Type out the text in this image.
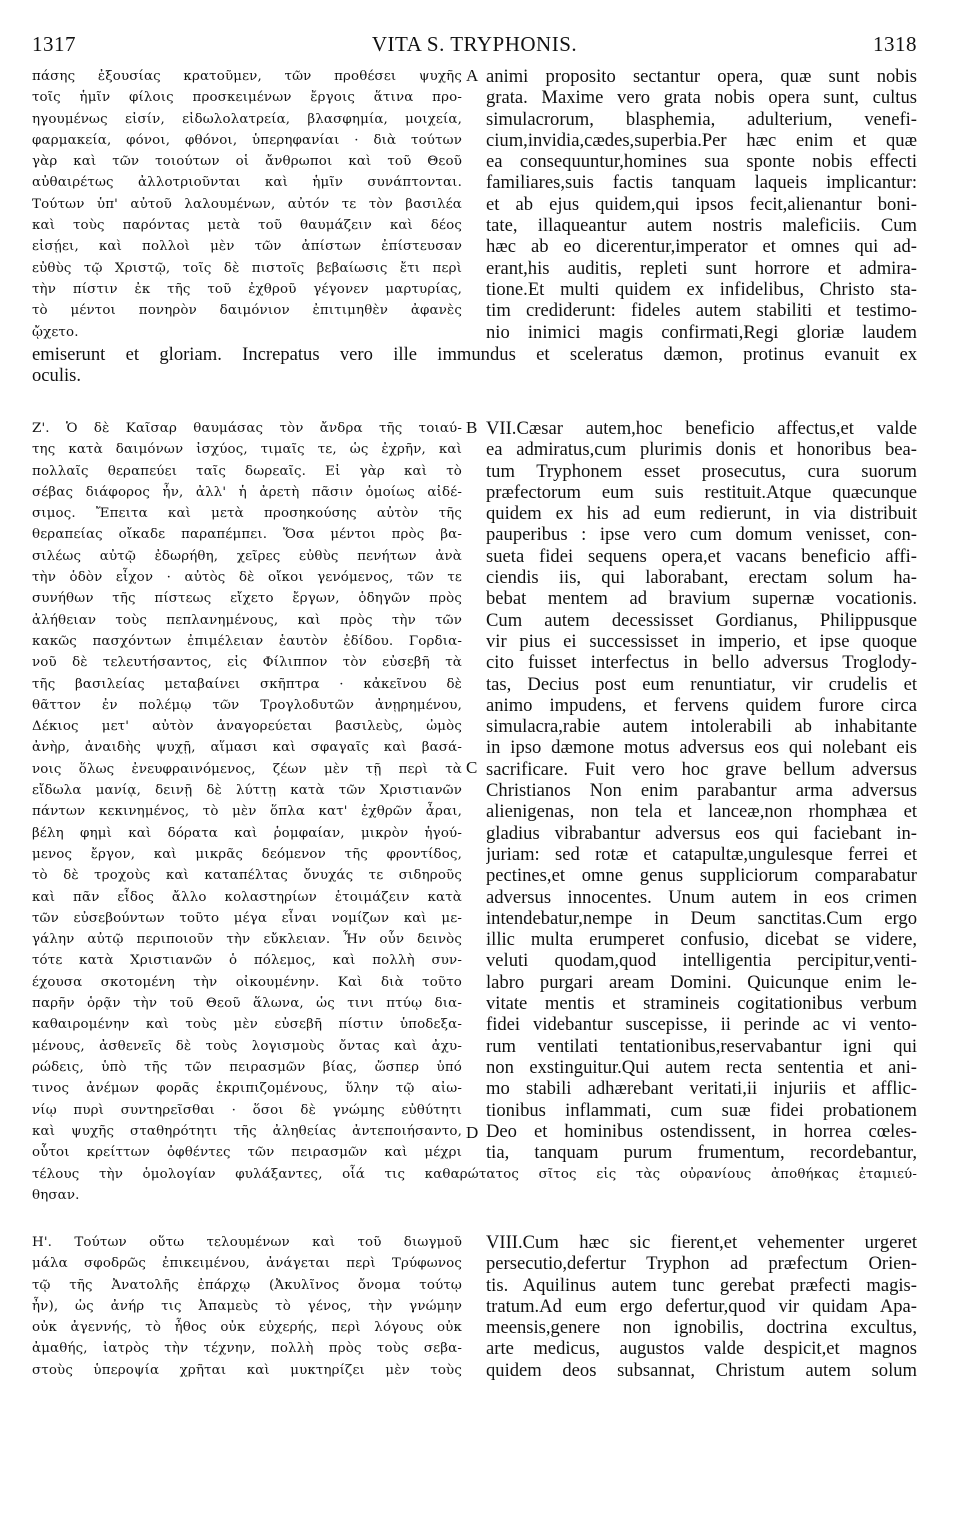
1317	VITA S. TRYPHONIS.	1318
πάσης ἐξουσίας κρατοῦμεν, τῶν προθέσει ψυχῆς
τοῖς ἡμῖν φίλοις προσκειμένων ἔργοις ἅτινα προ-
ηγουμένως εἰσίν, εἰδωλολατρεία, βλασφημία, μοιχεία,
φαρμακεία, φόνοι, φθόνοι, ὑπερηφανίαι · διὰ τούτων
γὰρ καὶ τῶν τοιούτων οἱ ἄνθρωποι καὶ τοῦ Θεοῦ
αὐθαιρέτως ἀλλοτριοῦνται καὶ ἡμῖν συνάπτονται.
Τούτων ὑπ' αὐτοῦ λαλουμένων, αὐτόν τε τὸν βασιλέα
καὶ τοὺς παρόντας μετὰ τοῦ θαυμάζειν καὶ δέος
εἰσῄει, καὶ πολλοὶ μὲν τῶν ἀπίστων ἐπίστευσαν
εὐθὺς τῷ Χριστῷ, τοῖς δὲ πιστοῖς βεβαίωσις ἔτι περὶ
τὴν πίστιν ἐκ τῆς τοῦ ἐχθροῦ γέγονεν μαρτυρίας,
τὸ μέντοι πονηρὸν δαιμόνιον ἐπιτιμηθὲν ἀφανὲς
ᾤχετο.
A animi proposito sectantur opera, quæ sunt nobis
grata. Maxime vero grata nobis opera sunt, cultus
simulacrorum, blasphemia, adulterium, venefi-
cium,invidia,cædes,superbia.Per hæc enim et quæ
ea consequuntur,homines sua sponte nobis effecti
familiares,suis factis tanquam laqueis implicantur:
et ab ejus quidem,qui ipsos fecit,alienantur boni-
tate, illaqueantur autem nostris maleficiis. Cum
hæc ab eo dicerentur,imperator et omnes qui ad-
erant,his auditis, repleti sunt horrore et admira-
tione.Et multi quidem ex infidelibus, Christo sta-
tim crediderunt: fideles autem stabiliti et testimo-
nio inimici magis confirmati,Regi gloriæ laudem
emiserunt et gloriam. Increpatus vero ille immundus et sceleratus dæmon, protinus evanuit ex
oculis.
Ζ'. Ὁ δὲ Καῖσαρ θαυμάσας τὸν ἄνδρα τῆς τοιαύ-
της κατὰ δαιμόνων ἰσχύος, τιμαῖς τε, ὡς ἐχρῆν, καὶ
πολλαῖς θεραπεύει ταῖς δωρεαῖς. Εἰ γὰρ καὶ τὸ
σέβας διάφορος ἦν, ἀλλ' ἡ ἀρετὴ πᾶσιν ὁμοίως αἰδέ-
σιμος. Ἔπειτα καὶ μετὰ προσηκούσης αὐτὸν τῆς
θεραπείας οἴκαδε παραπέμπει. Ὅσα μέντοι πρὸς βα-
σιλέως αὐτῷ ἐδωρήθη, χεῖρες εὐθὺς πενήτων ἀνὰ
τὴν ὁδὸν εἶχον · αὐτὸς δὲ οἴκοι γενόμενος, τῶν τε
συνήθων τῆς πίστεως εἴχετο ἔργων, ὁδηγῶν πρὸς
ἀλήθειαν τοὺς πεπλανημένους, καὶ πρὸς τὴν τῶν
κακῶς πασχόντων ἐπιμέλειαν ἑαυτὸν ἐδίδου. Γορδια-
νοῦ δὲ τελευτήσαντος, εἰς Φίλιππον τὸν εὐσεβῆ τὰ
τῆς βασιλείας μεταβαίνει σκῆπτρα · κἀκεῖνου δὲ
θᾶττον ἐν πολέμῳ τῶν Τρογλοδυτῶν ἀνῃρημένου,
Δέκιος μετ' αὐτὸν ἀναγορεύεται βασιλεὺς, ὠμὸς
ἀνὴρ, ἀναιδὴς ψυχῇ, αἵμασι καὶ σφαγαῖς καὶ βασά-
νοις ὅλως ἐνευφραινόμενος, ζέων μὲν τῇ περὶ τὰ
εἴδωλα μανίᾳ, δεινῇ δὲ λύττῃ κατὰ τῶν Χριστιανῶν
πάντων κεκινημένος, τὸ μὲν ὅπλα κατ' ἐχθρῶν ἆραι,
βέλη φημὶ καὶ δόρατα καὶ ῥομφαίαν, μικρὸν ἡγού-
μενος ἔργον, καὶ μικρᾶς δεόμενον τῆς φροντίδος,
τὸ δὲ τροχοὺς καὶ καταπέλτας ὄνυχάς τε σιδηροῦς
καὶ πᾶν εἶδος ἄλλο κολαστηρίων ἑτοιμάζειν κατὰ
τῶν εὐσεβούντων τοῦτο μέγα εἶναι νομίζων καὶ με-
γάλην αὐτῷ περιποιοῦν τὴν εὔκλειαν. Ἦν οὖν δεινὸς
τότε κατὰ Χριστιανῶν ὁ πόλεμος, καὶ πολλὴ συν-
έχουσα σκοτομένη τὴν οἰκουμένην. Καὶ διὰ τοῦτο
παρῆν ὁρᾷν τὴν τοῦ Θεοῦ ἅλωνα, ὡς τινι πτύῳ δια-
καθαιρομένην καὶ τοὺς μὲν εὐσεβῆ πίστιν ὑποδεξα-
μένους, ἀσθενεῖς δὲ τοὺς λογισμοὺς ὄντας καὶ ἀχυ-
ρώδεις, ὑπὸ τῆς τῶν πειρασμῶν βίας, ὥσπερ ὑπό
τινος ἀνέμων φορᾶς ἐκριπιζομένους, ὕλην τῷ αἰω-
νίῳ πυρὶ συντηρεῖσθαι · ὅσοι δὲ γνώμης εὐθύτητι
καὶ ψυχῆς σταθηρότητι τῆς ἀληθείας ἀντεποιήσαντο,
οὗτοι κρείττων ὀφθέντες τῶν πειρασμῶν καὶ μέχρι
B
C
D
VII.Cæsar autem,hoc beneficio affectus,et valde
ea admiratus,cum plurimis donis et honoribus bea-
tum Tryphonem esset prosecutus, cura suorum
præfectorum eum suis restituit.Atque quæcunque
quidem ex his ad eum redierunt, in via distribuit
pauperibus : ipse vero cum domum venisset, con-
sueta fidei sequens opera,et vacans beneficio affi-
ciendis iis, qui laborabant, erectam solum ha-
bebat mentem ad bravium supernæ vocationis.
Cum autem decessisset Gordianus, Philippusque
vir pius ei successisset in imperio, et ipse quoque
cito fuisset interfectus in bello adversus Troglody-
tas, Decius post eum renuntiatur, vir crudelis et
animo impudens, et fervens quidem furore circa
simulacra,rabie autem intolerabili ab inhabitante
in ipso dæmone motus adversus eos qui nolebant eis
sacrificare. Fuit vero hoc grave bellum adversus
Christianos Non enim parabantur arma adversus
alienigenas, non tela et lanceæ,non rhomphæa et
gladius vibrabantur adversus eos qui faciebant in-
juriam: sed rotæ et catapultæ,ungulesque ferrei et
pectines,et omne genus suppliciorum comparabatur
adversus innocentes. Unum autem in eos crimen
intendebatur,nempe in Deum sanctitas.Cum ergo
illic multa erumperet confusio, dicebat se videre,
veluti quodam,quod intelligentia percipitur,venti-
labro purgari aream Domini. Quicunque enim le-
vitate mentis et stramineis cogitationibus verbum
fidei videbantur suscepisse, ii perinde ac vi vento-
rum ventilati tentationibus,reservabantur igni qui
non exstinguitur.Qui autem recta sententia et ani-
mo stabili adhærebant veritati,ii injuriis et afflic-
tionibus inflammati, cum suæ fidei probationem
Deo et hominibus ostendissent, in horrea cœles-
tia, tanquam purum frumentum, recordebantur,
τέλους τὴν ὁμολογίαν φυλάξαντες, οἷά τις καθαρώτατος σῖτος εἰς τὰς οὐρανίους ἀποθήκας ἐταμιεύ-
θησαν.
Η'. Τούτων οὕτω τελουμένων καὶ τοῦ διωγμοῦ
μάλα σφοδρῶς ἐπικειμένου, ἀνάγεται περὶ Τρύφωνος
τῷ τῆς Ἀνατολῆς ἐπάρχῳ (Ἀκυλῖνος ὄνομα τούτῳ
ἦν), ὡς ἀνήρ τις Ἀπαμεὺς τὸ γένος, τὴν γνώμην
οὐκ ἀγεννής, τὸ ἦθος οὐκ εὐχερής, περὶ λόγους οὐκ
ἀμαθής, ἰατρὸς τὴν τέχνην, πολλὴ πρὸς τοὺς σεβα-
στοὺς ὑπεροψία χρῆται καὶ μυκτηρίζει μὲν τοὺς
VIII.Cum hæc sic fierent,et vehementer urgeret
persecutio,defertur Tryphon ad præfectum Orien-
tis. Aquilinus autem tunc gerebat præfecti magis-
tratum.Ad eum ergo defertur,quod vir quidam Apa-
meensis,genere non ignobilis, doctrina excultus,
arte medicus, augustos valde despicit,et magnos
quidem deos subsannat, Christum autem solum
